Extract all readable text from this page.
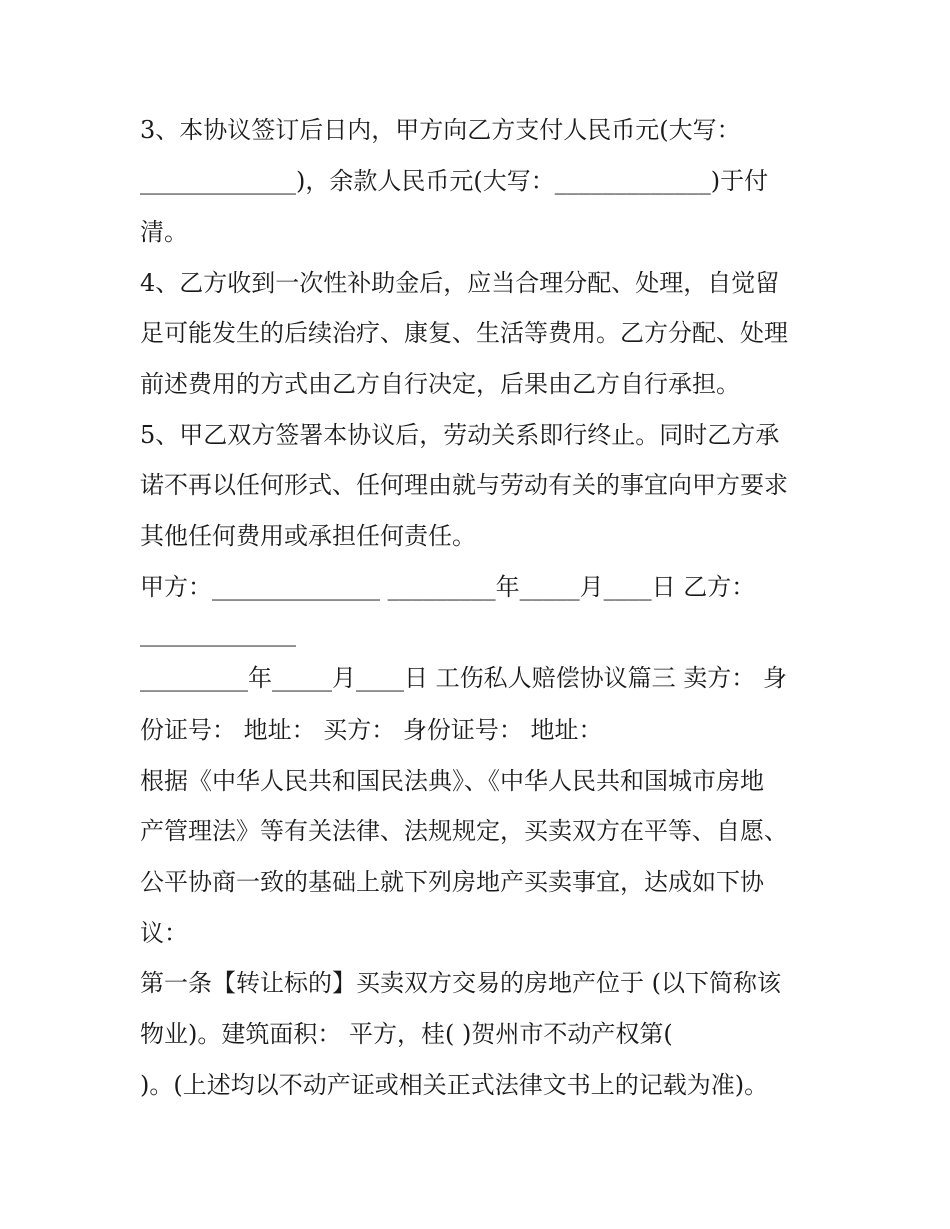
3、本协议签订后日内，甲方向乙方支付人民币元(大写：
_____________)，余款人民币元(大写：_____________)于付
清。
4、乙方收到一次性补助金后，应当合理分配、处理，自觉留
足可能发生的后续治疗、康复、生活等费用。乙方分配、处理
前述费用的方式由乙方自行决定，后果由乙方自行承担。
5、甲乙双方签署本协议后，劳动关系即行终止。同时乙方承
诺不再以任何形式、任何理由就与劳动有关的事宜向甲方要求
其他任何费用或承担任何责任。
甲方：______________ _________年_____月____日 乙方：
_____________
_________年_____月____日 工伤私人赔偿协议篇三 卖方： 身
份证号： 地址： 买方： 身份证号： 地址：
根据《中华人民共和国民法典》、《中华人民共和国城市房地
产管理法》等有关法律、法规规定，买卖双方在平等、自愿、
公平协商一致的基础上就下列房地产买卖事宜，达成如下协
议：
第一条【转让标的】买卖双方交易的房地产位于 (以下简称该
物业)。建筑面积： 平方，桂( )贺州市不动产权第(
)。(上述均以不动产证或相关正式法律文书上的记载为准)。
